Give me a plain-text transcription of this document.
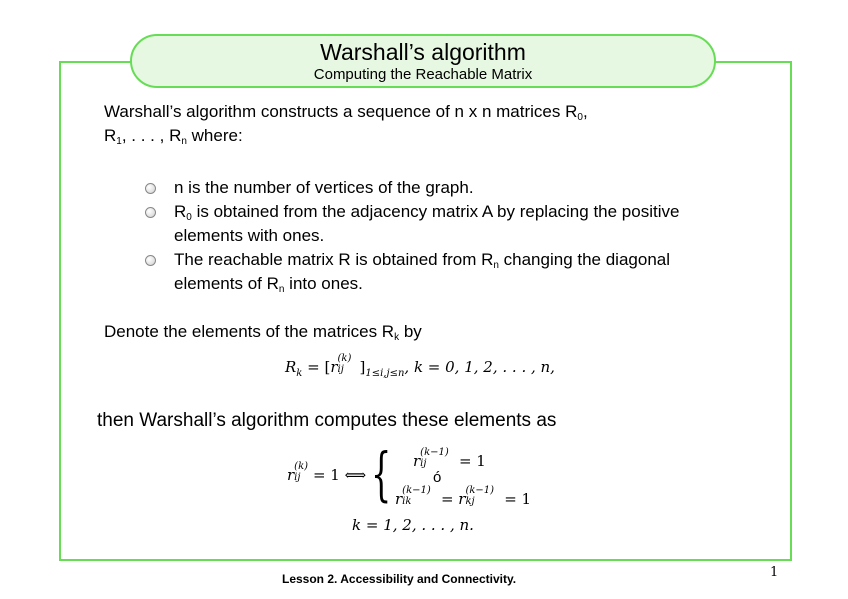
Warshall’s algorithm
Computing the Reachable Matrix
Warshall’s algorithm constructs a sequence of n x n matrices $R_0$,
$R_1$, . . . , $R_n$ where:
n is the number of vertices of the graph.
$R_0$ is obtained from the adjacency matrix A by replacing the positive elements with ones.
The reachable matrix R is obtained from $R_n$ changing the diagonal elements of $R_n$ into ones.
Denote the elements of the matrices $R_k$ by
$R_k = [r$ (k)
ij ]$_{1\le i,j\le n}$, k = 0, 1, 2, . . . , n,
then Warshall’s algorithm computes these elements as
r (k)
ij = 1 ⟺ { r (k−1)
ij = 1
ó
r (k−1)
ik = r (k−1)
kj = 1
k = 1, 2, . . . , n.
Lesson 2. Accessibility and Connectivity.	1
